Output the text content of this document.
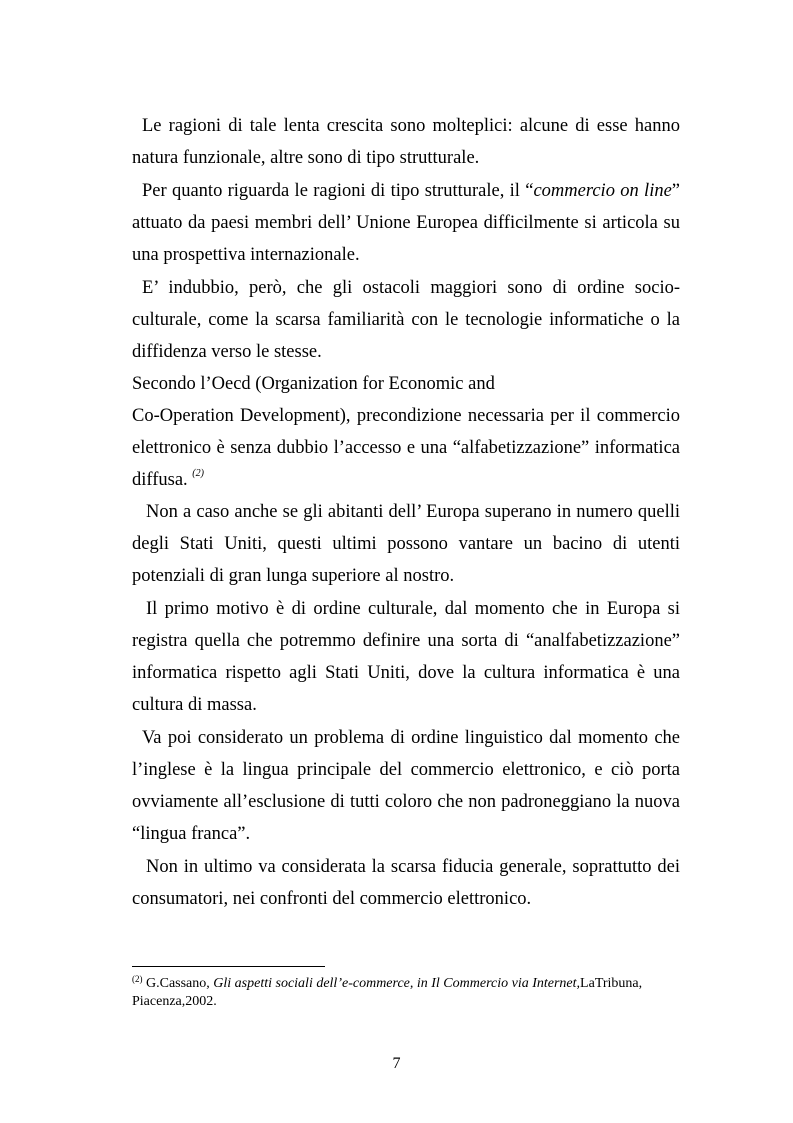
Le ragioni di tale lenta crescita sono molteplici: alcune di esse hanno
natura funzionale, altre sono di tipo strutturale.
Per quanto riguarda le ragioni di tipo strutturale, il “commercio on line”
attuato da paesi membri dell’ Unione Europea difficilmente si articola su
una prospettiva internazionale.
E’ indubbio, però, che gli ostacoli maggiori sono di ordine socio-
culturale, come la scarsa familiarità con le tecnologie informatiche o la
diffidenza verso le stesse.
Secondo l’Oecd (Organization for Economic and
Co-Operation Development), precondizione necessaria per il commercio
elettronico è senza dubbio l’accesso e una “alfabetizzazione” informatica
diffusa. $^{(2)}$
Non a caso anche se gli abitanti dell’ Europa superano in numero quelli
degli Stati Uniti, questi ultimi possono vantare un bacino di utenti
potenziali di gran lunga superiore al nostro.
Il primo motivo è di ordine culturale, dal momento che in Europa si
registra quella che potremmo definire una sorta di “analfabetizzazione”
informatica rispetto agli Stati Uniti, dove la cultura informatica è una
cultura di massa.
Va poi considerato un problema di ordine linguistico dal momento che
l’inglese è la lingua principale del commercio elettronico, e ciò porta
ovviamente all’esclusione di tutti coloro che non padroneggiano la nuova
“lingua franca”.
Non in ultimo va considerata la scarsa fiducia generale, soprattutto dei
consumatori, nei confronti del commercio elettronico.
$^{(2)}$ G.Cassano, Gli aspetti sociali dell’e-commerce, in Il Commercio via Internet,LaTribuna,
Piacenza,2002.
7
